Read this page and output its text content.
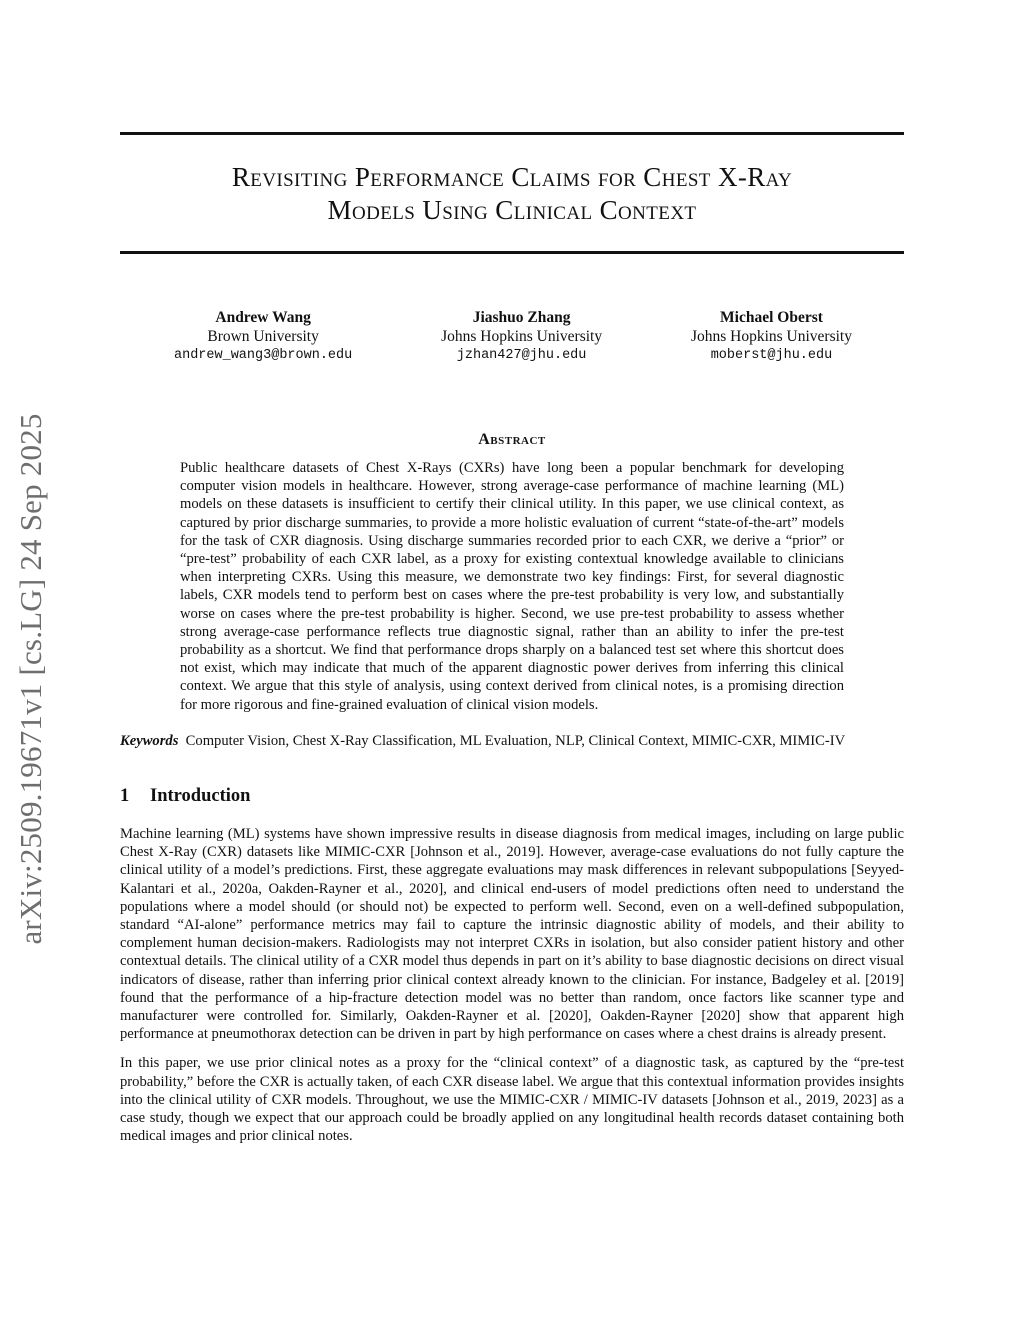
arXiv:2509.19671v1 [cs.LG] 24 Sep 2025
Revisiting Performance Claims for Chest X-Ray
Models Using Clinical Context
Andrew Wang
Brown University
andrew_wang3@brown.edu
Jiashuo Zhang
Johns Hopkins University
jzhan427@jhu.edu
Michael Oberst
Johns Hopkins University
moberst@jhu.edu
Abstract
Public healthcare datasets of Chest X-Rays (CXRs) have long been a popular benchmark for developing computer vision models in healthcare. However, strong average-case performance of machine learning (ML) models on these datasets is insufficient to certify their clinical utility. In this paper, we use clinical context, as captured by prior discharge summaries, to provide a more holistic evaluation of current “state-of-the-art” models for the task of CXR diagnosis. Using discharge summaries recorded prior to each CXR, we derive a “prior” or “pre-test” probability of each CXR label, as a proxy for existing contextual knowledge available to clinicians when interpreting CXRs. Using this measure, we demonstrate two key findings: First, for several diagnostic labels, CXR models tend to perform best on cases where the pre-test probability is very low, and substantially worse on cases where the pre-test probability is higher. Second, we use pre-test probability to assess whether strong average-case performance reflects true diagnostic signal, rather than an ability to infer the pre-test probability as a shortcut. We find that performance drops sharply on a balanced test set where this shortcut does not exist, which may indicate that much of the apparent diagnostic power derives from inferring this clinical context. We argue that this style of analysis, using context derived from clinical notes, is a promising direction for more rigorous and fine-grained evaluation of clinical vision models.
Keywords Computer Vision, Chest X-Ray Classification, ML Evaluation, NLP, Clinical Context, MIMIC-CXR, MIMIC-IV
1 Introduction
Machine learning (ML) systems have shown impressive results in disease diagnosis from medical images, including on large public Chest X-Ray (CXR) datasets like MIMIC-CXR [Johnson et al., 2019]. However, average-case evaluations do not fully capture the clinical utility of a model’s predictions. First, these aggregate evaluations may mask differences in relevant subpopulations [Seyyed-Kalantari et al., 2020a, Oakden-Rayner et al., 2020], and clinical end-users of model predictions often need to understand the populations where a model should (or should not) be expected to perform well. Second, even on a well-defined subpopulation, standard “AI-alone” performance metrics may fail to capture the intrinsic diagnostic ability of models, and their ability to complement human decision-makers. Radiologists may not interpret CXRs in isolation, but also consider patient history and other contextual details. The clinical utility of a CXR model thus depends in part on it’s ability to base diagnostic decisions on direct visual indicators of disease, rather than inferring prior clinical context already known to the clinician. For instance, Badgeley et al. [2019] found that the performance of a hip-fracture detection model was no better than random, once factors like scanner type and manufacturer were controlled for. Similarly, Oakden-Rayner et al. [2020], Oakden-Rayner [2020] show that apparent high performance at pneumothorax detection can be driven in part by high performance on cases where a chest drains is already present.
In this paper, we use prior clinical notes as a proxy for the “clinical context” of a diagnostic task, as captured by the “pre-test probability,” before the CXR is actually taken, of each CXR disease label. We argue that this contextual information provides insights into the clinical utility of CXR models. Throughout, we use the MIMIC-CXR / MIMIC-IV datasets [Johnson et al., 2019, 2023] as a case study, though we expect that our approach could be broadly applied on any longitudinal health records dataset containing both medical images and prior clinical notes.
